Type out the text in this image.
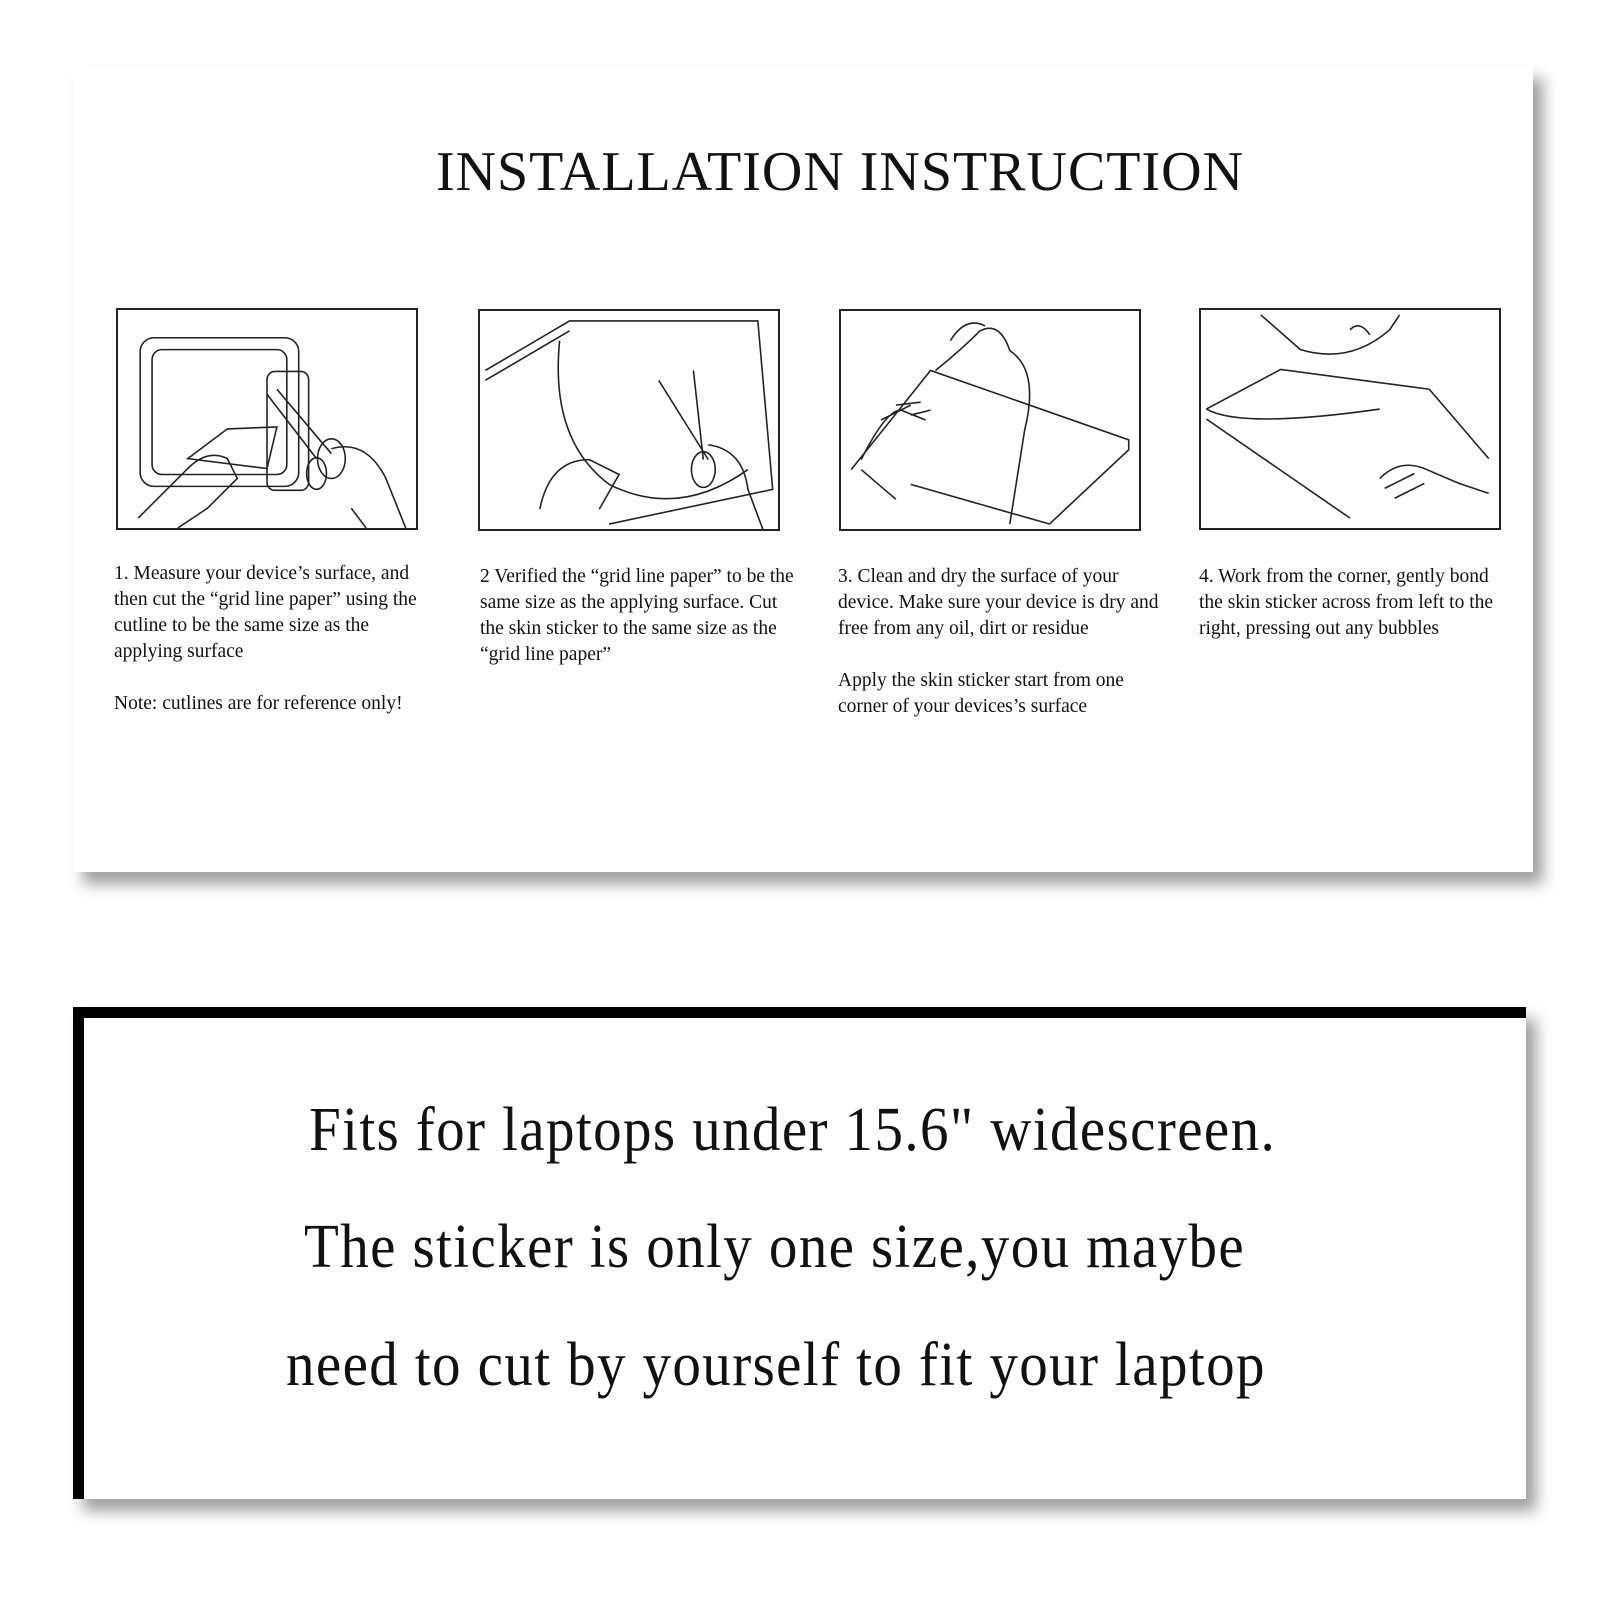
INSTALLATION INSTRUCTION

1. Measure your device’s surface, and then cut the “grid line paper” using the cutline to be the same size as the applying surface

Note: cutlines are for reference only!

2 Verified the “grid line paper” to be the same size as the applying surface. Cut the skin sticker to the same size as the “grid line paper”

3. Clean and dry the surface of your device. Make sure your device is dry and free from any oil, dirt or residue

Apply the skin sticker start from one corner of your devices’s surface

4. Work from the corner, gently bond the skin sticker across from left to the right, pressing out any bubbles

Fits for laptops under 15.6" widescreen.
The sticker is only one size,you maybe
need to cut by yourself to fit your laptop
